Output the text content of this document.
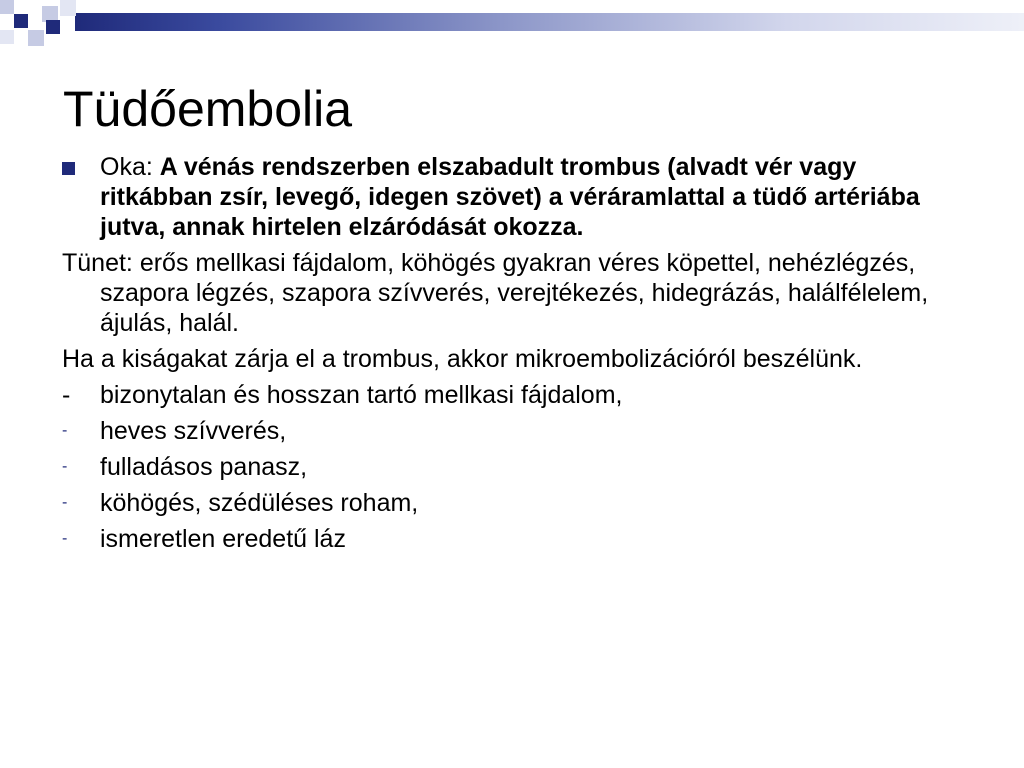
Tüdőembolia
Oka: A vénás rendszerben elszabadult trombus (alvadt vér vagy ritkábban zsír, levegő, idegen szövet) a véráramlattal a tüdő artériába jutva, annak hirtelen elzáródását okozza.
Tünet: erős mellkasi fájdalom, köhögés gyakran véres köpettel, nehézlégzés, szapora légzés, szapora szívverés, verejtékezés, hidegrázás, halálfélelem, ájulás, halál.
Ha a kiságakat zárja el a trombus, akkor mikroembolizációról beszélünk.
- bizonytalan és hosszan tartó mellkasi fájdalom,
- heves szívverés,
- fulladásos panasz,
- köhögés, szédüléses roham,
- ismeretlen eredetű láz
